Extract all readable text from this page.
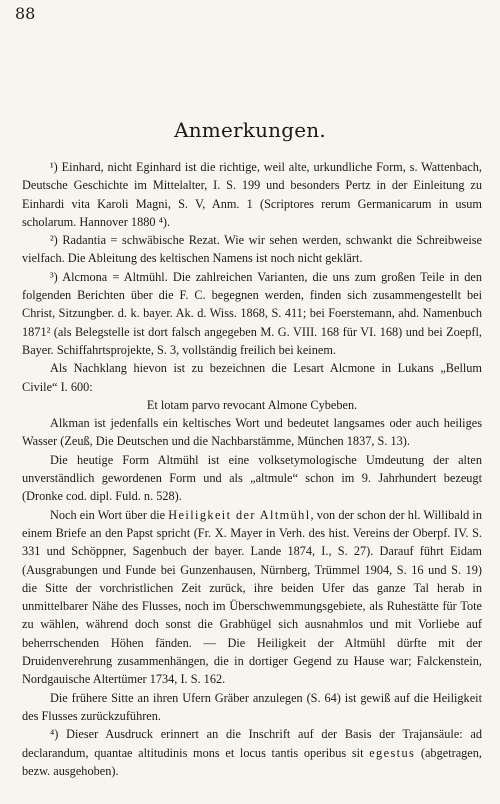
88
Anmerkungen.

¹) Einhard, nicht Eginhard ist die richtige, weil alte, urkundliche Form, s. Wattenbach, Deutsche Geschichte im Mittelalter, I. S. 199 und besonders Pertz in der Einleitung zu Einhardi vita Karoli Magni, S. V, Anm. 1 (Scriptores rerum Germanicarum in usum scholarum. Hannover 1880 ⁴).

²) Radantia = schwäbische Rezat. Wie wir sehen werden, schwankt die Schreibweise vielfach. Die Ableitung des keltischen Namens ist noch nicht geklärt.

³) Alcmona = Altmühl. Die zahlreichen Varianten, die uns zum großen Teile in den folgenden Berichten über die F. C. begegnen werden, finden sich zusammengestellt bei Christ, Sitzungber. d. k. bayer. Ak. d. Wiss. 1868, S. 411; bei Foerstemann, ahd. Namenbuch 1871² (als Belegstelle ist dort falsch angegeben M. G. VIII. 168 für VI. 168) und bei Zoepfl, Bayer. Schiffahrtsprojekte, S. 3, vollständig freilich bei keinem.

Als Nachklang hievon ist zu bezeichnen die Lesart Alcmone in Lukans „Bellum Civile“ I. 600:

Et lotam parvo revocant Almone Cybeben.

Alkman ist jedenfalls ein keltisches Wort und bedeutet langsames oder auch heiliges Wasser (Zeuß, Die Deutschen und die Nachbarstämme, München 1837, S. 13).

Die heutige Form Altmühl ist eine volksetymologische Umdeutung der alten unverständlich gewordenen Form und als „altmule“ schon im 9. Jahrhundert bezeugt (Dronke cod. dipl. Fuld. n. 528).

Noch ein Wort über die Heiligkeit der Altmühl, von der schon der hl. Willibald in einem Briefe an den Papst spricht (Fr. X. Mayer in Verh. des hist. Vereins der Oberpf. IV. S. 331 und Schöppner, Sagenbuch der bayer. Lande 1874, I., S. 27). Darauf führt Eidam (Ausgrabungen und Funde bei Gunzenhausen, Nürnberg, Trümmel 1904, S. 16 und S. 19) die Sitte der vorchristlichen Zeit zurück, ihre beiden Ufer das ganze Tal herab in unmittelbarer Nähe des Flusses, noch im Überschwemmungsgebiete, als Ruhestätte für Tote zu wählen, während doch sonst die Grabhügel sich ausnahmlos und mit Vorliebe auf beherrschenden Höhen fänden. — Die Heiligkeit der Altmühl dürfte mit der Druidenverehrung zusammenhängen, die in dortiger Gegend zu Hause war; Falckenstein, Nordgauische Altertümer 1734, I. S. 162.

Die frühere Sitte an ihren Ufern Gräber anzulegen (S. 64) ist gewiß auf die Heiligkeit des Flusses zurückzuführen.

⁴) Dieser Ausdruck erinnert an die Inschrift auf der Basis der Trajansäule: ad declarandum, quantae altitudinis mons et locus tantis operibus sit egestus (abgetragen, bezw. ausgehoben).
